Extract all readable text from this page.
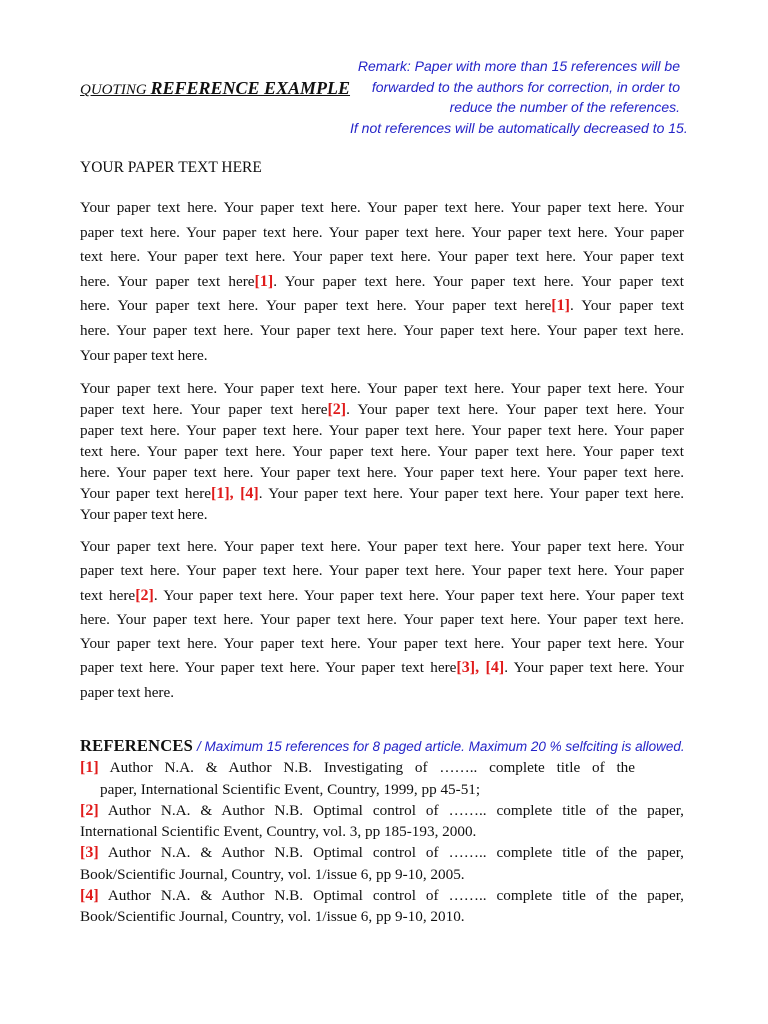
QUOTING REFERENCE EXAMPLE
Remark: Paper with more than 15 references will be
forwarded to the authors for correction, in order to
reduce the number of the references.
If not references will be automatically decreased to 15.
YOUR PAPER TEXT HERE
Your paper text here. Your paper text here. Your paper text here. Your paper text here. Your
paper text here. Your paper text here. Your paper text here. Your paper text here. Your paper
text here. Your paper text here. Your paper text here. Your paper text here. Your paper text
here. Your paper text here[1]. Your paper text here. Your paper text here. Your paper text
here. Your paper text here. Your paper text here. Your paper text here[1]. Your paper text
here. Your paper text here. Your paper text here. Your paper text here. Your paper text here.
Your paper text here.
Your paper text here. Your paper text here. Your paper text here. Your paper text here. Your
paper text here. Your paper text here[2]. Your paper text here. Your paper text here. Your
paper text here. Your paper text here. Your paper text here. Your paper text here. Your paper
text here. Your paper text here. Your paper text here. Your paper text here. Your paper text
here. Your paper text here. Your paper text here. Your paper text here. Your paper text here.
Your paper text here[1], [4]. Your paper text here. Your paper text here. Your paper text here.
Your paper text here.
Your paper text here. Your paper text here. Your paper text here. Your paper text here. Your
paper text here. Your paper text here. Your paper text here. Your paper text here. Your paper
text here[2]. Your paper text here. Your paper text here. Your paper text here. Your paper text
here. Your paper text here. Your paper text here. Your paper text here. Your paper text here.
Your paper text here. Your paper text here. Your paper text here. Your paper text here. Your
paper text here. Your paper text here. Your paper text here[3], [4]. Your paper text here. Your
paper text here.
REFERENCES / Maximum 15 references for 8 paged article. Maximum 20 % selfciting is allowed.
[1] Author N.A. & Author N.B. Investigating of …….. complete title of the
paper, International Scientific Event, Country, 1999, pp 45-51;
[2] Author N.A. & Author N.B. Optimal control of …….. complete title of the paper,
International Scientific Event, Country, vol. 3, pp 185-193, 2000.
[3] Author N.A. & Author N.B. Optimal control of …….. complete title of the paper,
Book/Scientific Journal, Country, vol. 1/issue 6, pp 9-10, 2005.
[4] Author N.A. & Author N.B. Optimal control of …….. complete title of the paper,
Book/Scientific Journal, Country, vol. 1/issue 6, pp 9-10, 2010.
